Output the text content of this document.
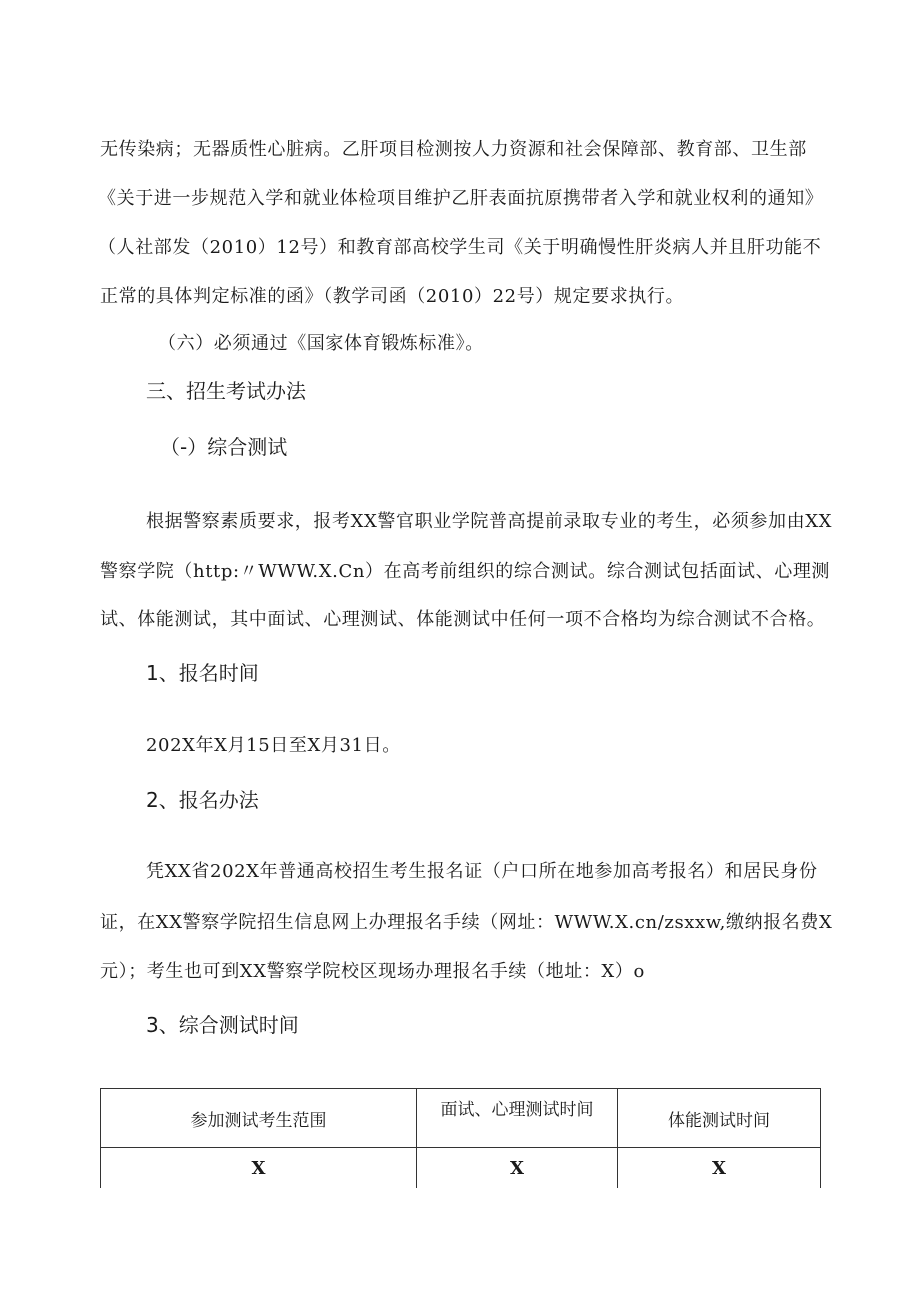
无传染病；无器质性心脏病。乙肝项目检测按人力资源和社会保障部、教育部、卫生部
《关于进一步规范入学和就业体检项目维护乙肝表面抗原携带者入学和就业权利的通知》
（人社部发（2010）12号）和教育部高校学生司《关于明确慢性肝炎病人并且肝功能不
正常的具体判定标准的函》（教学司函（2010）22号）规定要求执行。
（六）必须通过《国家体育锻炼标准》。
三、招生考试办法
（-）综合测试
根据警察素质要求，报考XX警官职业学院普高提前录取专业的考生，必须参加由XX
警察学院（http:〃WWW.X.Cn）在高考前组织的综合测试。综合测试包括面试、心理测
试、体能测试，其中面试、心理测试、体能测试中任何一项不合格均为综合测试不合格。
1、报名时间
202X年X月15日至X月31日。
2、报名办法
凭XX省202X年普通高校招生考生报名证（户口所在地参加高考报名）和居民身份
证，在XX警察学院招生信息网上办理报名手续（网址：WWW.X.cn/zsxxw,缴纳报名费X
元）；考生也可到XX警察学院校区现场办理报名手续（地址：X）o
3、综合测试时间
参加测试考生范围	面试、心理测试时间	体能测试时间
X	X	X
